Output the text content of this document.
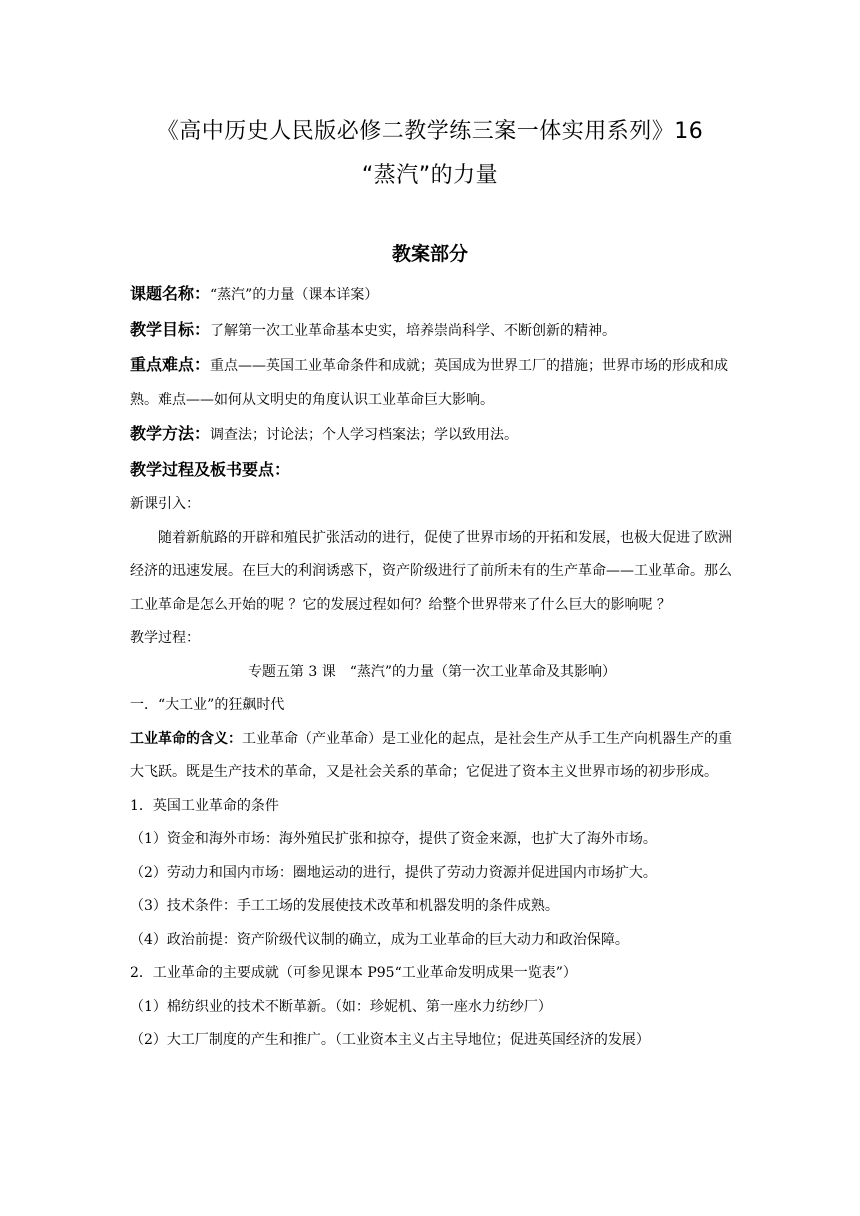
《高中历史人民版必修二教学练三案一体实用系列》16
“蒸汽”的力量
教案部分

课题名称：“蒸汽”的力量（课本详案）

教学目标：了解第一次工业革命基本史实，培养崇尚科学、不断创新的精神。

重点难点：重点——英国工业革命条件和成就；英国成为世界工厂的措施；世界市场的形成和成熟。难点——如何从文明史的角度认识工业革命巨大影响。

教学方法：调查法；讨论法；个人学习档案法；学以致用法。

教学过程及板书要点：

新课引入：

随着新航路的开辟和殖民扩张活动的进行，促使了世界市场的开拓和发展，也极大促进了欧洲经济的迅速发展。在巨大的利润诱惑下，资产阶级进行了前所未有的生产革命——工业革命。那么工业革命是怎么开始的呢 ？它的发展过程如何？给整个世界带来了什么巨大的影响呢 ？

教学过程：

专题五第 3 课　“蒸汽”的力量（第一次工业革命及其影响）

一．“大工业”的狂飙时代

工业革命的含义：工业革命（产业革命）是工业化的起点，是社会生产从手工生产向机器生产的重大飞跃。既是生产技术的革命，又是社会关系的革命；它促进了资本主义世界市场的初步形成。

1．英国工业革命的条件

（1）资金和海外市场：海外殖民扩张和掠夺，提供了资金来源，也扩大了海外市场。

（2）劳动力和国内市场：圈地运动的进行，提供了劳动力资源并促进国内市场扩大。

（3）技术条件：手工工场的发展使技术改革和机器发明的条件成熟。

（4）政治前提：资产阶级代议制的确立，成为工业革命的巨大动力和政治保障。

2．工业革命的主要成就（可参见课本 P95“工业革命发明成果一览表”）

（1）棉纺织业的技术不断革新。（如：珍妮机、第一座水力纺纱厂）

（2）大工厂制度的产生和推广。（工业资本主义占主导地位；促进英国经济的发展）
